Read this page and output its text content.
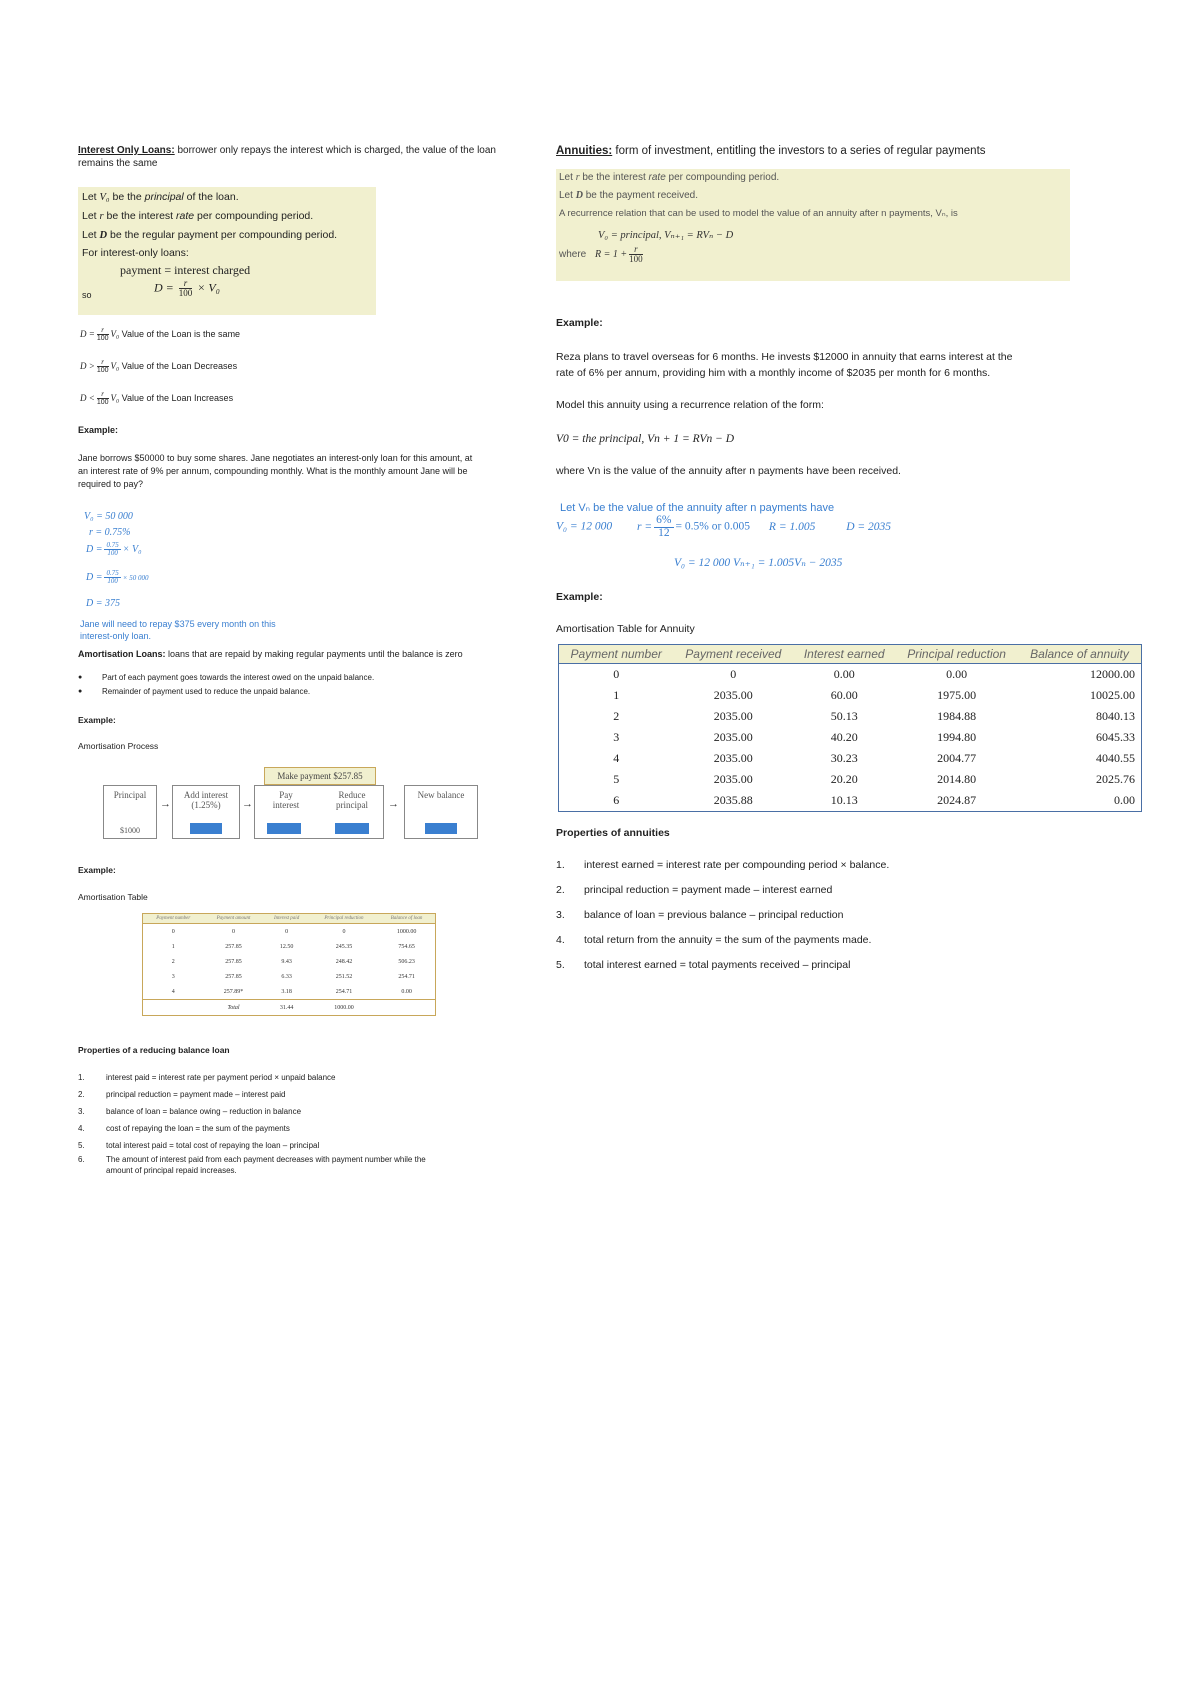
Interest Only Loans: borrower only repays the interest which is charged, the value of the loan
remains the same
Let V₀ be the principal of the loan.
Let r be the interest rate per compounding period.
Let D be the regular payment per compounding period.
For interest-only loans:
payment = interest charged
so
$D = \frac{r}{100} \times V_0$
$D = \frac{r}{100} V_0$ Value of the Loan is the same
$D > \frac{r}{100} V_0$ Value of the Loan Decreases
$D < \frac{r}{100} V_0$ Value of the Loan Increases
Example:
Jane borrows $50000 to buy some shares. Jane negotiates an interest-only loan for this amount, at
an interest rate of 9% per annum, compounding monthly. What is the monthly amount Jane will be
required to pay?
V₀ = 50 000
r = 0.75%
$D = \frac{0.75}{100} \times V_0$
$D = \frac{0.75}{100} \times 50$ 000
D = 375
Jane will need to repay $375 every month on this
interest-only loan.
Amortisation Loans: loans that are repaid by making regular payments until the balance is zero
● Part of each payment goes towards the interest owed on the unpaid balance.
● Remainder of payment used to reduce the unpaid balance.
Example:
Amortisation Process
Principal
$1000
→
Add interest
(1.25%)	→
Make payment $257.85
Pay
interest
Reduce
principal	→
New balance
Example:
Amortisation Table
Payment number	Payment amount	Interest paid	Principal reduction	Balance of loan
0	0	0	0	1000.00
1	257.85	12.50	245.35	754.65
2	257.85	9.43	248.42	506.23
3	257.85	6.33	251.52	254.71
4	257.89*	3.18	254.71	0.00
	Total	31.44	1000.00	
Properties of a reducing balance loan
1.	interest paid = interest rate per payment period × unpaid balance
2.	principal reduction = payment made – interest paid
3.	balance of loan = balance owing – reduction in balance
4.	cost of repaying the loan = the sum of the payments
5.	total interest paid = total cost of repaying the loan – principal
6.	The amount of interest paid from each payment decreases with payment number while the
amount of principal repaid increases.
Annuities: form of investment, entitling the investors to a series of regular payments
Let r be the interest rate per compounding period.
Let D be the payment received.
A recurrence relation that can be used to model the value of an annuity after n payments, Vₙ, is
V₀ = principal, Vₙ₊₁ = RVₙ − D
where $R = 1 + \frac{r}{100}$
Example:
Reza plans to travel overseas for 6 months. He invests $12000 in annuity that earns interest at the
rate of 6% per annum, providing him with a monthly income of $2035 per month for 6 months.
Model this annuity using a recurrence relation of the form:
V0 = the principal, Vn + 1 = RVn − D
where Vn is the value of the annuity after n payments have been received.
Let Vₙ be the value of the annuity after n payments have
V₀ = 12 000 $r = \frac{6\%}{12} = 0.5\%$ or 0.005 R = 1.005	D = 2035
V₀ = 12 000 Vₙ₊₁ = 1.005Vₙ − 2035
Example:
Amortisation Table for Annuity
Payment number	Payment received	Interest earned	Principal reduction	Balance of annuity
0	0	0.00	0.00	12000.00
1	2035.00	60.00	1975.00	10025.00
2	2035.00	50.13	1984.88	8040.13
3	2035.00	40.20	1994.80	6045.33
4	2035.00	30.23	2004.77	4040.55
5	2035.00	20.20	2014.80	2025.76
6	2035.88	10.13	2024.87	0.00
Properties of annuities
1. interest earned = interest rate per compounding period × balance.
2. principal reduction = payment made – interest earned
3. balance of loan = previous balance – principal reduction
4. total return from the annuity = the sum of the payments made.
5. total interest earned = total payments received – principal
